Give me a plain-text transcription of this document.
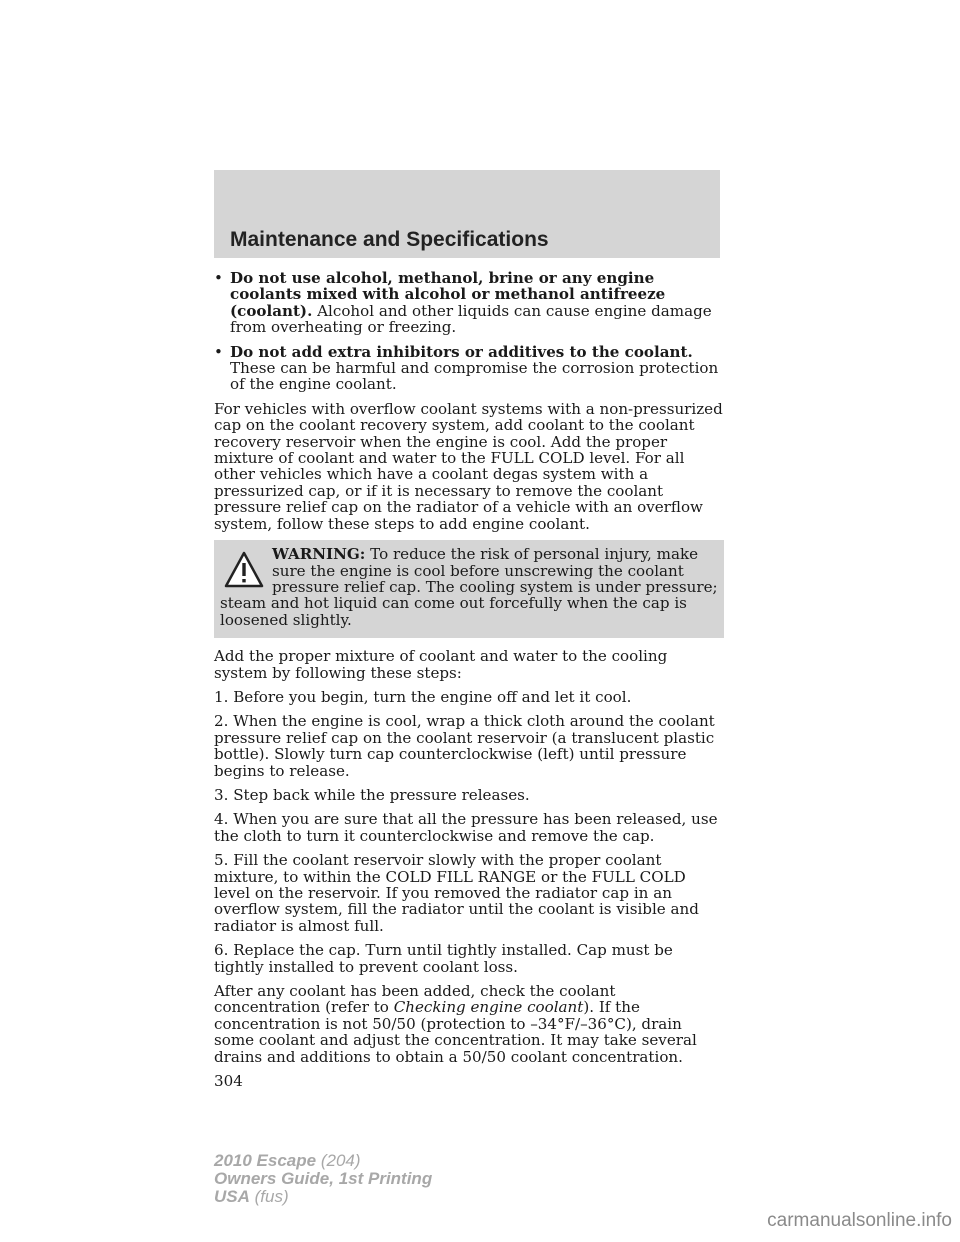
Maintenance and Specifications
• Do not use alcohol, methanol, brine or any engine coolants mixed with alcohol or methanol antifreeze (coolant). Alcohol and other liquids can cause engine damage from overheating or freezing.
• Do not add extra inhibitors or additives to the coolant. These can be harmful and compromise the corrosion protection of the engine coolant.

For vehicles with overflow coolant systems with a non-pressurized cap on the coolant recovery system, add coolant to the coolant recovery reservoir when the engine is cool. Add the proper mixture of coolant and water to the FULL COLD level. For all other vehicles which have a coolant degas system with a pressurized cap, or if it is necessary to remove the coolant pressure relief cap on the radiator of a vehicle with an overflow system, follow these steps to add engine coolant.

WARNING: To reduce the risk of personal injury, make sure the engine is cool before unscrewing the coolant pressure relief cap. The cooling system is under pressure; steam and hot liquid can come out forcefully when the cap is loosened slightly.

Add the proper mixture of coolant and water to the cooling system by following these steps:

1. Before you begin, turn the engine off and let it cool.

2. When the engine is cool, wrap a thick cloth around the coolant pressure relief cap on the coolant reservoir (a translucent plastic bottle). Slowly turn cap counterclockwise (left) until pressure begins to release.

3. Step back while the pressure releases.

4. When you are sure that all the pressure has been released, use the cloth to turn it counterclockwise and remove the cap.

5. Fill the coolant reservoir slowly with the proper coolant mixture, to within the COLD FILL RANGE or the FULL COLD level on the reservoir. If you removed the radiator cap in an overflow system, fill the radiator until the coolant is visible and radiator is almost full.

6. Replace the cap. Turn until tightly installed. Cap must be tightly installed to prevent coolant loss.

After any coolant has been added, check the coolant concentration (refer to Checking engine coolant). If the concentration is not 50/50 (protection to –34°F/–36°C), drain some coolant and adjust the concentration. It may take several drains and additions to obtain a 50/50 coolant concentration.

304
2010 Escape (204)
Owners Guide, 1st Printing
USA (fus)
carmanualsonline.info
